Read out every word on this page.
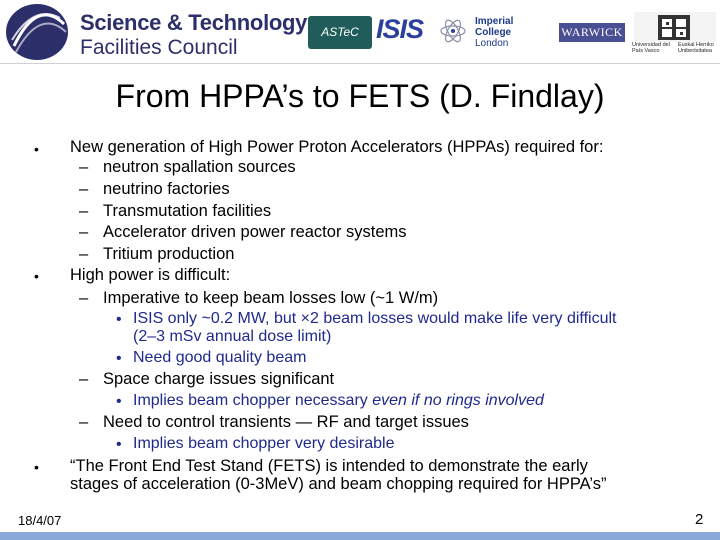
Science & Technology
Facilities Council
ASTeC ISIS	Imperial College
London
WARWICK
Universidad del País Vasco
Euskal Herriko Unibertsitatea
From HPPA’s to FETS (D. Findlay)
• New generation of High Power Proton Accelerators (HPPAs) required for:
– neutron spallation sources
– neutrino factories
– Transmutation facilities
– Accelerator driven power reactor systems
– Tritium production
• High power is difficult:
– Imperative to keep beam losses low (~1 W/m)
• ISIS only ~0.2 MW, but ×2 beam losses would make life very difficult
(2–3 mSv annual dose limit)
• Need good quality beam
– Space charge issues significant
• Implies beam chopper necessary even if no rings involved
– Need to control transients — RF and target issues
• Implies beam chopper very desirable
• “The Front End Test Stand (FETS) is intended to demonstrate the early
stages of acceleration (0-3MeV) and beam chopping required for HPPA’s”
18/4/07	2
